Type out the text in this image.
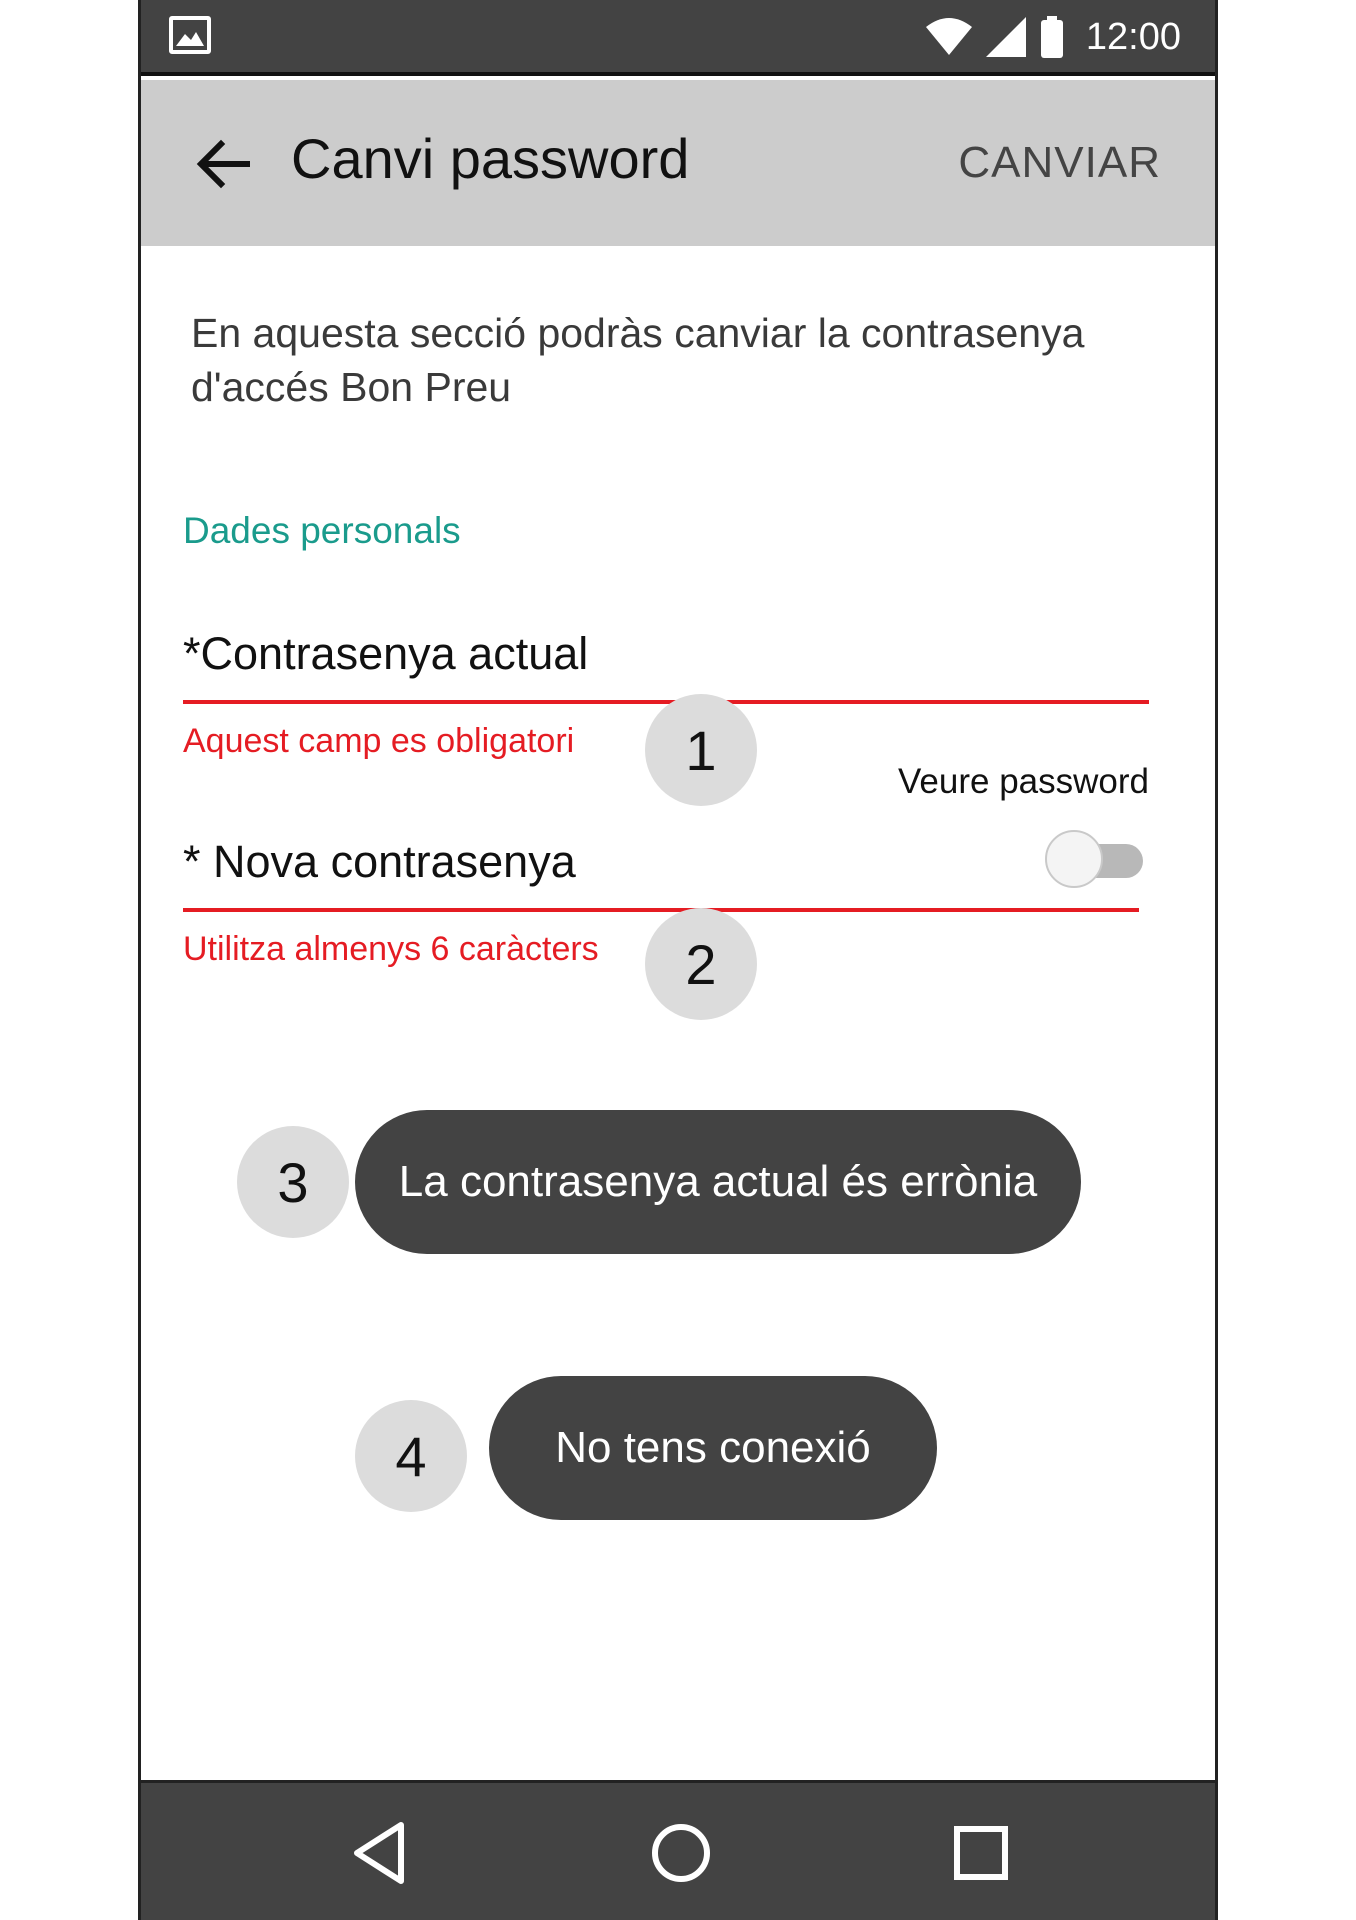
12:00
Canvi password	CANVIAR
En aquesta secció podràs canviar la contrasenya d'accés Bon Preu
Dades personals
*Contrasenya actual
Aquest camp es obligatori	1	Veure password
* Nova contrasenya
Utilitza almenys 6 caràcters	2
3	La contrasenya actual és errònia
4	No tens conexió
